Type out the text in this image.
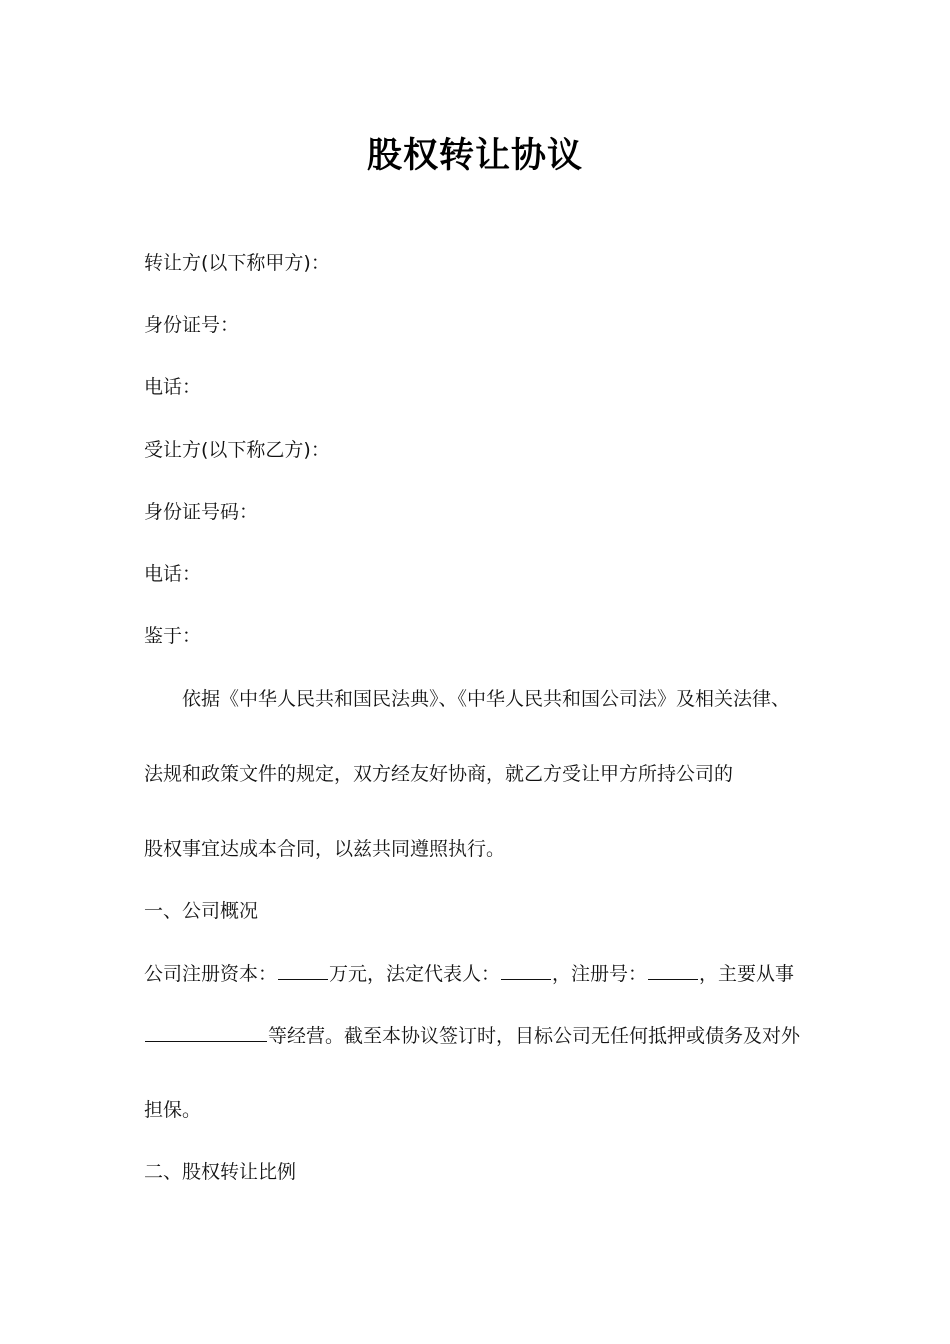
股权转让协议
转让方(以下称甲方)：
身份证号：
电话：
受让方(以下称乙方)：
身份证号码：
电话：
鉴于：
依据《中华人民共和国民法典》、《中华人民共和国公司法》及相关法律、
法规和政策文件的规定，双方经友好协商，就乙方受让甲方所持公司的
股权事宜达成本合同，以兹共同遵照执行。
一、公司概况
公司注册资本：	万元，法定代表人：	，注册号：	，主要从事
等经营。截至本协议签订时，目标公司无任何抵押或债务及对外
担保。
二、股权转让比例
